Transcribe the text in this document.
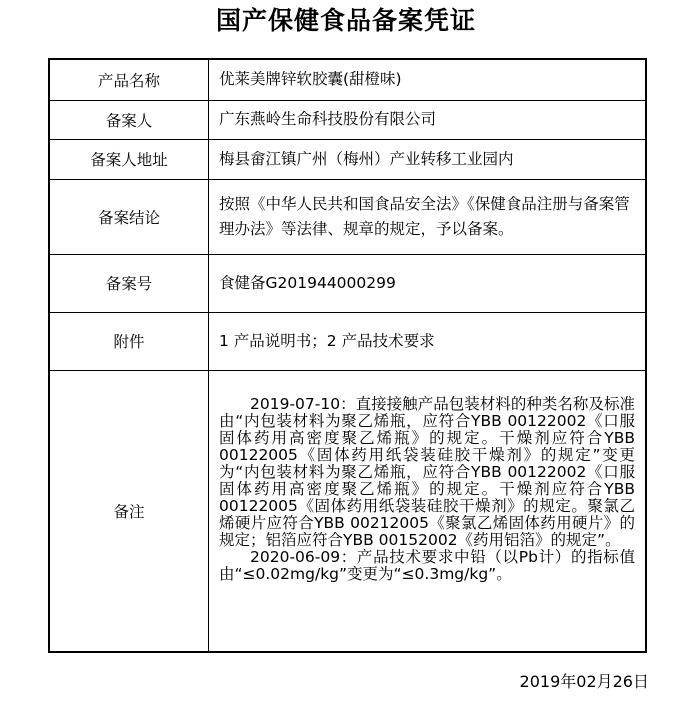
国产保健食品备案凭证
产品名称	优莱美牌锌软胶囊(甜橙味)
备案人	广东燕岭生命科技股份有限公司
备案人地址	梅县畲江镇广州（梅州）产业转移工业园内
备案结论	按照《中华人民共和国食品安全法》《保健食品注册与备案管理办法》等法律、规章的规定，予以备案。
备案号	食健备G201944000299
附件	1 产品说明书；2 产品技术要求
备注	2019-07-10：直接接触产品包装材料的种类名称及标准由“内包装材料为聚乙烯瓶，应符合YBB 00122002《口服固体药用高密度聚乙烯瓶》的规定。干燥剂应符合YBB 00122005《固体药用纸袋装硅胶干燥剂》的规定”变更为“内包装材料为聚乙烯瓶，应符合YBB 00122002《口服固体药用高密度聚乙烯瓶》的规定。干燥剂应符合YBB 00122005《固体药用纸袋装硅胶干燥剂》的规定。聚氯乙烯硬片应符合YBB 00212005《聚氯乙烯固体药用硬片》的规定；铝箔应符合YBB 00152002《药用铝箔》的规定”。

2020-06-09：产品技术要求中铅（以Pb计）的指标值由“≤0.02mg/kg”变更为“≤0.3mg/kg”。

2019年02月26日
